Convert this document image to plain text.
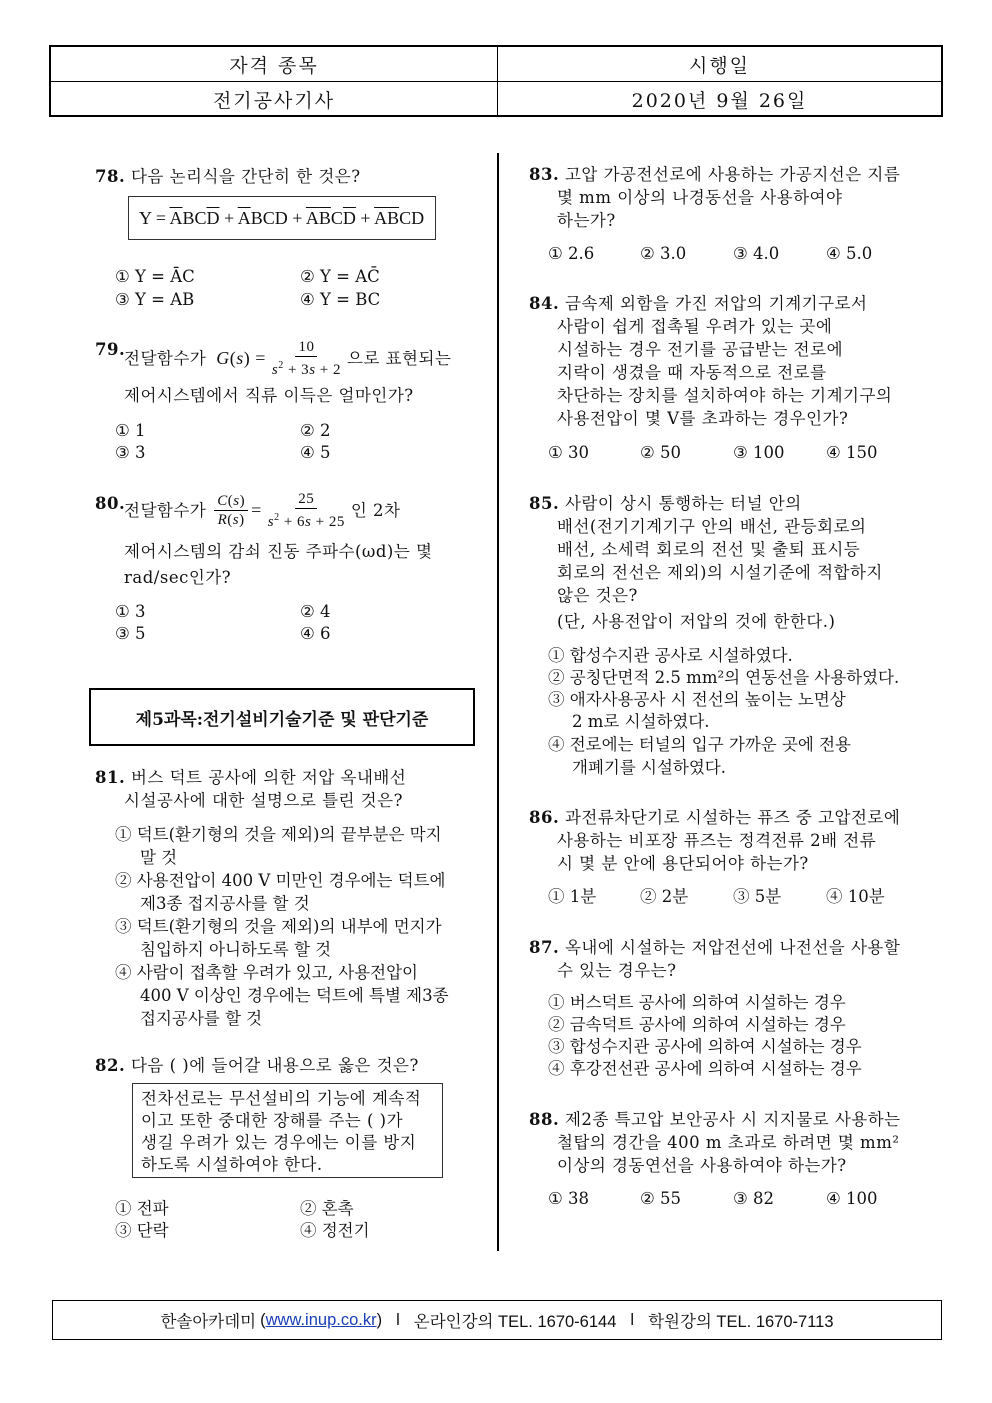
자격 종목	시행일
전기공사기사	2020년 9월 26일
78. 다음 논리식을 간단히 한 것은?
$Y = \overline{A}BC\overline{D} + \overline{A}BCD + \overline{A}\overline{B}C\overline{D} + \overline{A}\overline{B}CD$
① Y = ĀC	② Y = AC̄
③ Y = AB	④ Y = BC
79.
전달함수가 G $(s) = \frac{10}{s^2 + 3s + 2}$ 으로 표현되는
제어시스템에서 직류 이득은 얼마인가?
① 1	② 2
③ 3	④ 5
80.
전달함수가 $\frac{C(s)}{R(s)} = \frac{25}{s^2 + 6s + 25}$ 인 2차
제어시스템의 감쇠 진동 주파수(ωd)는 몇
rad/sec인가?
① 3	② 4
③ 5	④ 6
제5과목:전기설비기술기준 및 판단기준
81. 버스 덕트 공사에 의한 저압 옥내배선
시설공사에 대한 설명으로 틀린 것은?
① 덕트(환기형의 것을 제외)의 끝부분은 막지
말 것
② 사용전압이 400 V 미만인 경우에는 덕트에
제3종 접지공사를 할 것
③ 덕트(환기형의 것을 제외)의 내부에 먼지가
침입하지 아니하도록 할 것
④ 사람이 접촉할 우려가 있고, 사용전압이
400 V 이상인 경우에는 덕트에 특별 제3종
접지공사를 할 것
82. 다음 ( )에 들어갈 내용으로 옳은 것은?
전차선로는 무선설비의 기능에 계속적
이고 또한 중대한 장해를 주는 ( )가
생길 우려가 있는 경우에는 이를 방지
하도록 시설하여야 한다.
① 전파	② 혼촉
③ 단락	④ 정전기
83. 고압 가공전선로에 사용하는 가공지선은 지름
몇 mm 이상의 나경동선을 사용하여야
하는가?
① 2.6	② 3.0	③ 4.0	④ 5.0
84. 금속제 외함을 가진 저압의 기계기구로서
사람이 쉽게 접촉될 우려가 있는 곳에
시설하는 경우 전기를 공급받는 전로에
지락이 생겼을 때 자동적으로 전로를
차단하는 장치를 설치하여야 하는 기계기구의
사용전압이 몇 V를 초과하는 경우인가?
① 30	② 50	③ 100	④ 150
85. 사람이 상시 통행하는 터널 안의
배선(전기기계기구 안의 배선, 관등회로의
배선, 소세력 회로의 전선 및 출퇴 표시등
회로의 전선은 제외)의 시설기준에 적합하지
않은 것은?
(단, 사용전압이 저압의 것에 한한다.)
① 합성수지관 공사로 시설하였다.
② 공칭단면적 2.5 mm²의 연동선을 사용하였다.
③ 애자사용공사 시 전선의 높이는 노면상
2 m로 시설하였다.
④ 전로에는 터널의 입구 가까운 곳에 전용
개폐기를 시설하였다.
86. 과전류차단기로 시설하는 퓨즈 중 고압전로에
사용하는 비포장 퓨즈는 정격전류 2배 전류
시 몇 분 안에 용단되어야 하는가?
① 1분	② 2분	③ 5분	④ 10분
87. 옥내에 시설하는 저압전선에 나전선을 사용할
수 있는 경우는?
① 버스덕트 공사에 의하여 시설하는 경우
② 금속덕트 공사에 의하여 시설하는 경우
③ 합성수지관 공사에 의하여 시설하는 경우
④ 후강전선관 공사에 의하여 시설하는 경우
88. 제2종 특고압 보안공사 시 지지물로 사용하는
철탑의 경간을 400 m 초과로 하려면 몇 mm²
이상의 경동연선을 사용하여야 하는가?
① 38	② 55	③ 82	④ 100
한솔아카데미 ( www.inup.co.kr ) l 온라인강의 TEL. 1670-6144 l 학원강의 TEL. 1670-7113
